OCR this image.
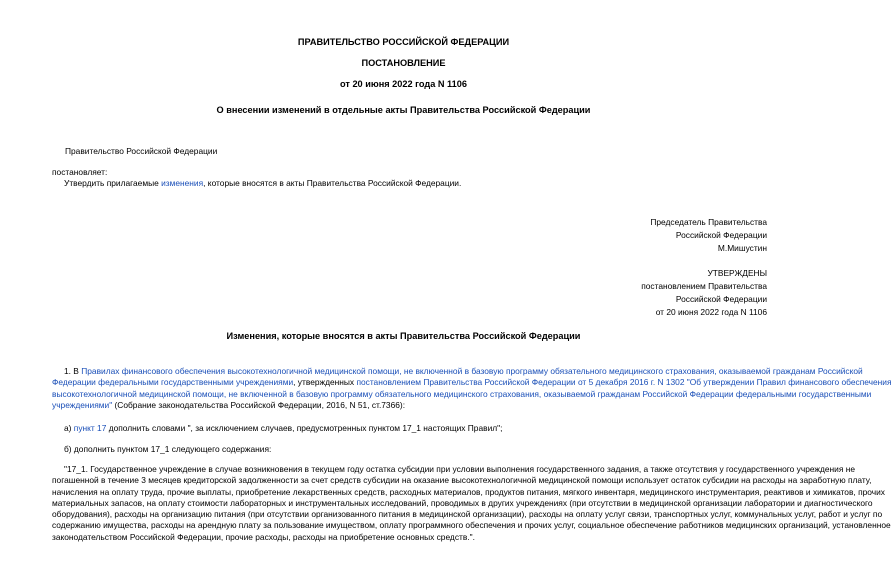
ПРАВИТЕЛЬСТВО РОССИЙСКОЙ ФЕДЕРАЦИИ
ПОСТАНОВЛЕНИЕ
от 20 июня 2022 года N 1106
О внесении изменений в отдельные акты Правительства Российской Федерации
Правительство Российской Федерации
постановляет:
Утвердить прилагаемые изменения, которые вносятся в акты Правительства Российской Федерации.
Председатель Правительства
Российской Федерации
М.Мишустин
УТВЕРЖДЕНЫ
постановлением Правительства
Российской Федерации
от 20 июня 2022 года N 1106
Изменения, которые вносятся в акты Правительства Российской Федерации
1. В Правилах финансового обеспечения высокотехнологичной медицинской помощи, не включенной в базовую программу обязательного медицинского страхования, оказываемой гражданам Российской
Федерации федеральными государственными учреждениями, утвержденных постановлением Правительства Российской Федерации от 5 декабря 2016 г. N 1302 "Об утверждении Правил финансового обеспечения
высокотехнологичной медицинской помощи, не включенной в базовую программу обязательного медицинского страхования, оказываемой гражданам Российской Федерации федеральными государственными
учреждениями" (Собрание законодательства Российской Федерации, 2016, N 51, ст.7366):
а) пункт 17 дополнить словами ", за исключением случаев, предусмотренных пунктом 17_1 настоящих Правил";
б) дополнить пунктом 17_1 следующего содержания:
"17_1. Государственное учреждение в случае возникновения в текущем году остатка субсидии при условии выполнения государственного задания, а также отсутствия у государственного учреждения не
погашенной в течение 3 месяцев кредиторской задолженности за счет средств субсидии на оказание высокотехнологичной медицинской помощи использует остаток субсидии на расходы на заработную плату,
начисления на оплату труда, прочие выплаты, приобретение лекарственных средств, расходных материалов, продуктов питания, мягкого инвентаря, медицинского инструментария, реактивов и химикатов, прочих
материальных запасов, на оплату стоимости лабораторных и инструментальных исследований, проводимых в других учреждениях (при отсутствии в медицинской организации лаборатории и диагностического
оборудования), расходы на организацию питания (при отсутствии организованного питания в медицинской организации), расходы на оплату услуг связи, транспортных услуг, коммунальных услуг, работ и услуг по
содержанию имущества, расходы на арендную плату за пользование имуществом, оплату программного обеспечения и прочих услуг, социальное обеспечение работников медицинских организаций, установленное
законодательством Российской Федерации, прочие расходы, расходы на приобретение основных средств.".
